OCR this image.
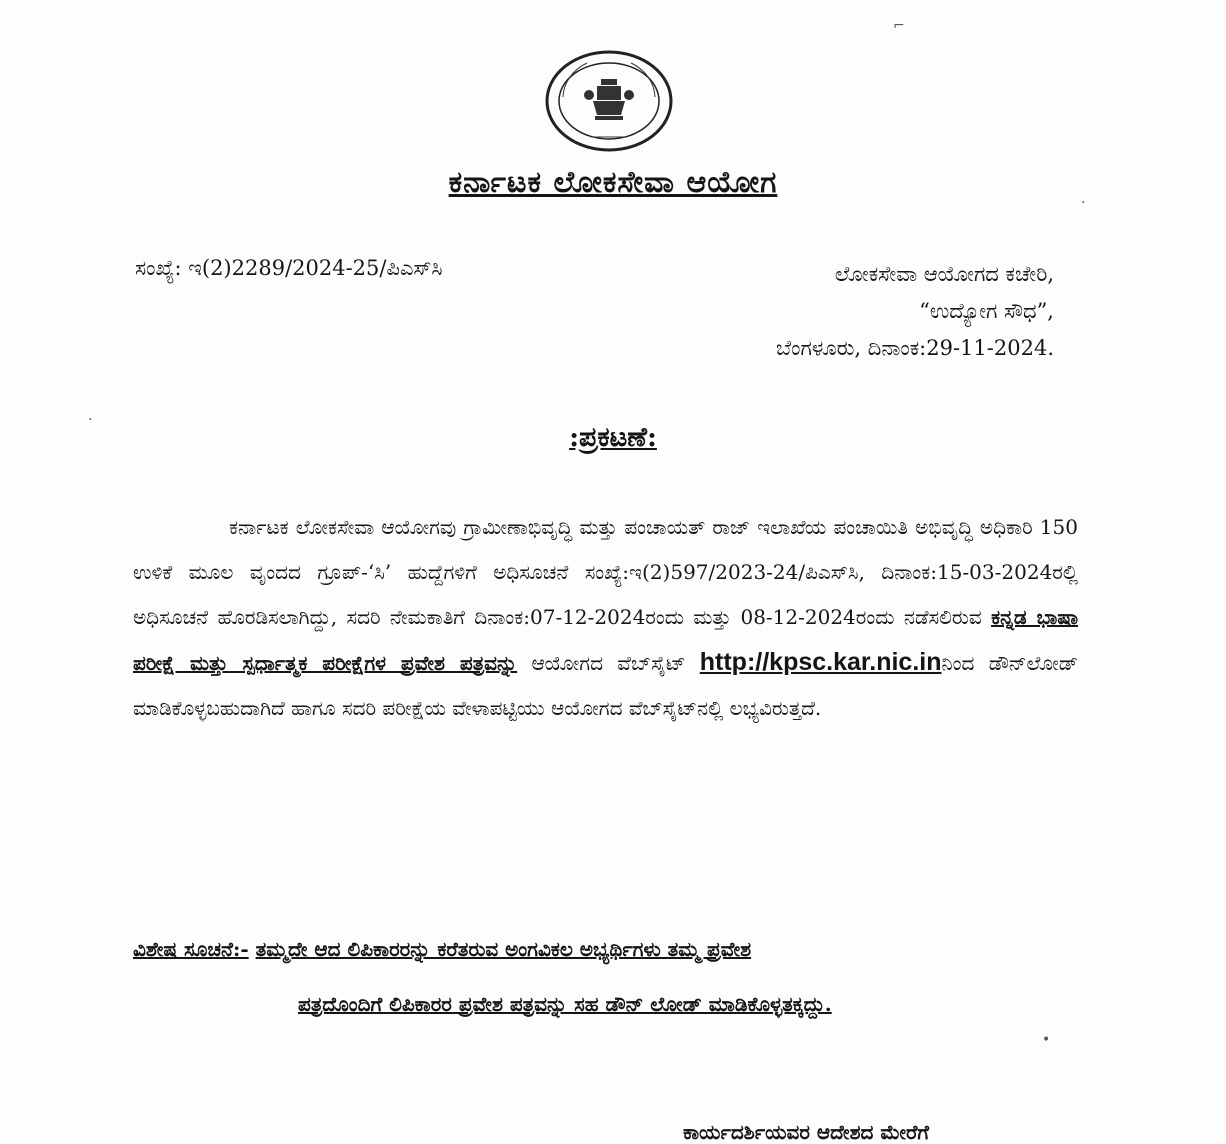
ಕರ್ನಾಟಕ ಲೋಕಸೇವಾ ಆಯೋಗ
ಸಂಖ್ಯೆ: ಇ(2)2289/2024-25/ಪಿಎಸ್‌ಸಿ	ಲೋಕಸೇವಾ ಆಯೋಗದ ಕಚೇರಿ,
“ಉದ್ಯೋಗ ಸೌಧ”,
ಬೆಂಗಳೂರು, ದಿನಾಂಕ:29-11-2024.
:ಪ್ರಕಟಣೆ:
ಕರ್ನಾಟಕ ಲೋಕಸೇವಾ ಆಯೋಗವು ಗ್ರಾಮೀಣಾಭಿವೃದ್ಧಿ ಮತ್ತು ಪಂಚಾಯತ್ ರಾಜ್ ಇಲಾಖೆಯ ಪಂಚಾಯಿತಿ ಅಭಿವೃದ್ಧಿ ಅಧಿಕಾರಿ 150 ಉಳಿಕೆ ಮೂಲ ವೃಂದದ ಗ್ರೂಪ್-‘ಸಿ’ ಹುದ್ದೆಗಳಿಗೆ ಅಧಿಸೂಚನೆ ಸಂಖ್ಯೆ:ಇ(2)597/2023-24/ಪಿಎಸ್‌ಸಿ, ದಿನಾಂಕ:15-03-2024ರಲ್ಲಿ ಅಧಿಸೂಚನೆ ಹೊರಡಿಸಲಾಗಿದ್ದು, ಸದರಿ ನೇಮಕಾತಿಗೆ ದಿನಾಂಕ:07-12-2024ರಂದು ಮತ್ತು 08-12-2024ರಂದು ನಡೆಸಲಿರುವ ಕನ್ನಡ ಭಾಷಾ ಪರೀಕ್ಷೆ ಮತ್ತು ಸ್ಪರ್ಧಾತ್ಮಕ ಪರೀಕ್ಷೆಗಳ ಪ್ರವೇಶ ಪತ್ರವನ್ನು ಆಯೋಗದ ವೆಬ್‌ಸೈಟ್ http://kpsc.kar.nic.inನಿಂದ ಡೌನ್‌ಲೋಡ್ ಮಾಡಿಕೊಳ್ಳಬಹುದಾಗಿದೆ ಹಾಗೂ ಸದರಿ ಪರೀಕ್ಷೆಯ ವೇಳಾಪಟ್ಟಿಯು ಆಯೋಗದ ವೆಬ್‌ಸೈಟ್‌ನಲ್ಲಿ ಲಭ್ಯವಿರುತ್ತದೆ.
ವಿಶೇಷ ಸೂಚನೆ:- ತಮ್ಮದೇ ಆದ ಲಿಪಿಕಾರರನ್ನು ಕರೆತರುವ ಅಂಗವಿಕಲ ಅಭ್ಯರ್ಥಿಗಳು ತಮ್ಮ ಪ್ರವೇಶ
ಪತ್ರದೊಂದಿಗೆ ಲಿಪಿಕಾರರ ಪ್ರವೇಶ ಪತ್ರವನ್ನು ಸಹ ಡೌನ್ ಲೋಡ್ ಮಾಡಿಕೊಳ್ಳತಕ್ಕದ್ದು.
ಕಾರ್ಯದರ್ಶಿಯವರ ಆದೇಶದ ಮೇರೆಗೆ
⌐
·
·
•
